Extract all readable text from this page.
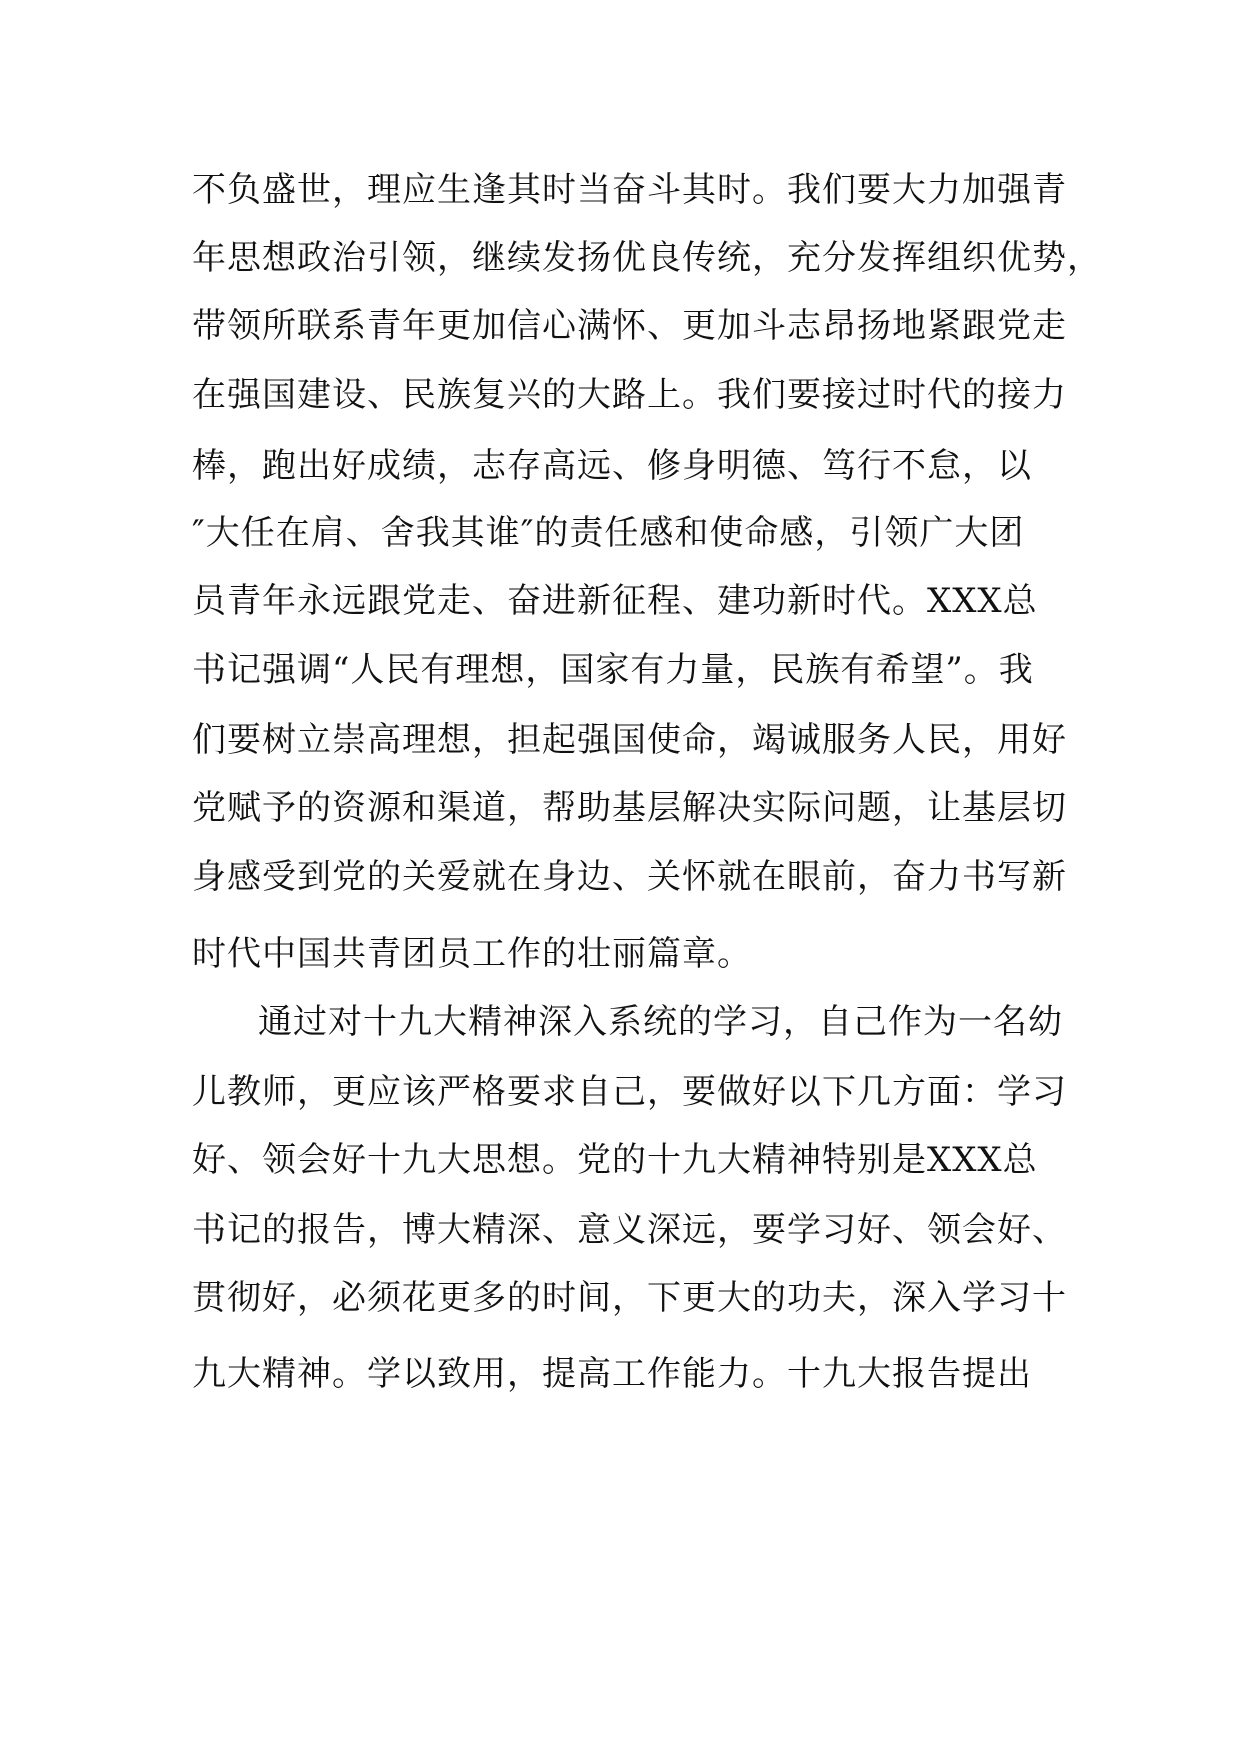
不负盛世，理应生逢其时当奋斗其时。我们要大力加强青
年思想政治引领，继续发扬优良传统，充分发挥组织优势，
带领所联系青年更加信心满怀、更加斗志昂扬地紧跟党走
在强国建设、民族复兴的大路上。我们要接过时代的接力
棒，跑出好成绩，志存高远、修身明德、笃行不怠，以
″大任在肩、舍我其谁″的责任感和使命感，引领广大团
员青年永远跟党走、奋进新征程、建功新时代。XXX总
书记强调“人民有理想，国家有力量，民族有希望”。我
们要树立崇高理想，担起强国使命，竭诚服务人民，用好
党赋予的资源和渠道，帮助基层解决实际问题，让基层切
身感受到党的关爱就在身边、关怀就在眼前，奋力书写新
时代中国共青团员工作的壮丽篇章。
通过对十九大精神深入系统的学习，自己作为一名幼
儿教师，更应该严格要求自己，要做好以下几方面：学习
好、领会好十九大思想。党的十九大精神特别是XXX总
书记的报告，博大精深、意义深远，要学习好、领会好、
贯彻好，必须花更多的时间，下更大的功夫，深入学习十
九大精神。学以致用，提高工作能力。十九大报告提出
